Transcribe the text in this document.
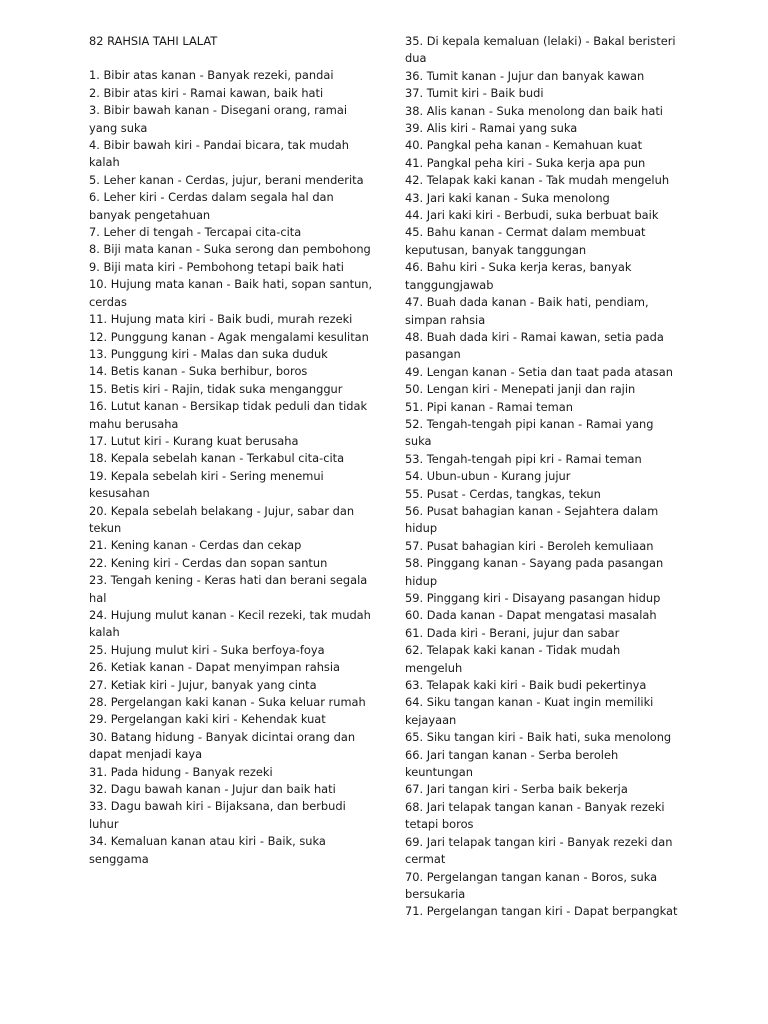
82 RAHSIA TAHI LALAT

1. Bibir atas kanan - Banyak rezeki, pandai

2. Bibir atas kiri - Ramai kawan, baik hati

3. Bibir bawah kanan - Disegani orang, ramai yang suka

4. Bibir bawah kiri - Pandai bicara, tak mudah kalah

5. Leher kanan - Cerdas, jujur, berani menderita

6. Leher kiri - Cerdas dalam segala hal dan banyak pengetahuan

7. Leher di tengah - Tercapai cita-cita

8. Biji mata kanan - Suka serong dan pembohong

9. Biji mata kiri - Pembohong tetapi baik hati

10. Hujung mata kanan - Baik hati, sopan santun, cerdas

11. Hujung mata kiri - Baik budi, murah rezeki

12. Punggung kanan - Agak mengalami kesulitan

13. Punggung kiri - Malas dan suka duduk

14. Betis kanan - Suka berhibur, boros

15. Betis kiri - Rajin, tidak suka menganggur

16. Lutut kanan - Bersikap tidak peduli dan tidak mahu berusaha

17. Lutut kiri - Kurang kuat berusaha

18. Kepala sebelah kanan - Terkabul cita-cita

19. Kepala sebelah kiri - Sering menemui kesusahan

20. Kepala sebelah belakang - Jujur, sabar dan tekun

21. Kening kanan - Cerdas dan cekap

22. Kening kiri - Cerdas dan sopan santun

23. Tengah kening - Keras hati dan berani segala hal

24. Hujung mulut kanan - Kecil rezeki, tak mudah kalah

25. Hujung mulut kiri - Suka berfoya-foya

26. Ketiak kanan - Dapat menyimpan rahsia

27. Ketiak kiri - Jujur, banyak yang cinta

28. Pergelangan kaki kanan - Suka keluar rumah

29. Pergelangan kaki kiri - Kehendak kuat

30. Batang hidung - Banyak dicintai orang dan dapat menjadi kaya

31. Pada hidung - Banyak rezeki

32. Dagu bawah kanan - Jujur dan baik hati

33. Dagu bawah kiri - Bijaksana, dan berbudi luhur

34. Kemaluan kanan atau kiri - Baik, suka senggama

35. Di kepala kemaluan (lelaki) - Bakal beristeri dua

36. Tumit kanan - Jujur dan banyak kawan

37. Tumit kiri - Baik budi

38. Alis kanan - Suka menolong dan baik hati

39. Alis kiri - Ramai yang suka

40. Pangkal peha kanan - Kemahuan kuat

41. Pangkal peha kiri - Suka kerja apa pun

42. Telapak kaki kanan - Tak mudah mengeluh

43. Jari kaki kanan - Suka menolong

44. Jari kaki kiri - Berbudi, suka berbuat baik

45. Bahu kanan - Cermat dalam membuat keputusan, banyak tanggungan

46. Bahu kiri - Suka kerja keras, banyak tanggungjawab

47. Buah dada kanan - Baik hati, pendiam, simpan rahsia

48. Buah dada kiri - Ramai kawan, setia pada pasangan

49. Lengan kanan - Setia dan taat pada atasan

50. Lengan kiri - Menepati janji dan rajin

51. Pipi kanan - Ramai teman

52. Tengah-tengah pipi kanan - Ramai yang suka

53. Tengah-tengah pipi kri - Ramai teman

54. Ubun-ubun - Kurang jujur

55. Pusat - Cerdas, tangkas, tekun

56. Pusat bahagian kanan - Sejahtera dalam hidup

57. Pusat bahagian kiri - Beroleh kemuliaan

58. Pinggang kanan - Sayang pada pasangan hidup

59. Pinggang kiri - Disayang pasangan hidup

60. Dada kanan - Dapat mengatasi masalah

61. Dada kiri - Berani, jujur dan sabar

62. Telapak kaki kanan - Tidak mudah mengeluh

63. Telapak kaki kiri - Baik budi pekertinya

64. Siku tangan kanan - Kuat ingin memiliki kejayaan

65. Siku tangan kiri - Baik hati, suka menolong

66. Jari tangan kanan - Serba beroleh keuntungan

67. Jari tangan kiri - Serba baik bekerja

68. Jari telapak tangan kanan - Banyak rezeki tetapi boros

69. Jari telapak tangan kiri - Banyak rezeki dan cermat

70. Pergelangan tangan kanan - Boros, suka bersukaria

71. Pergelangan tangan kiri - Dapat berpangkat
